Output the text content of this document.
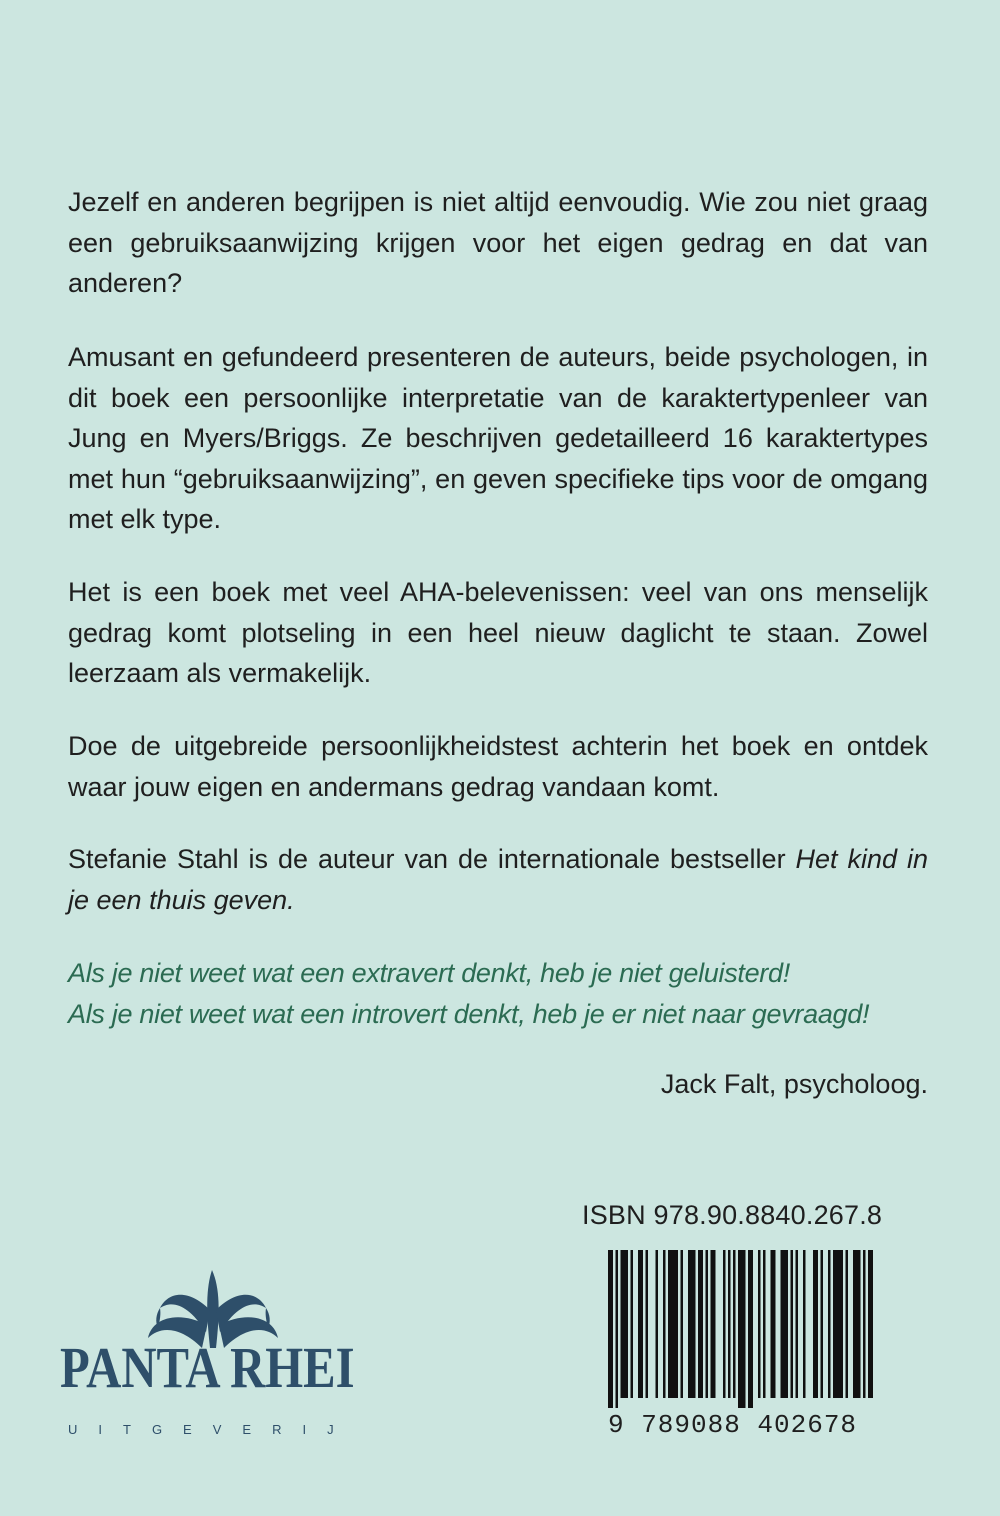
Jezelf en anderen begrijpen is niet altijd eenvoudig. Wie zou niet graag een gebruiksaanwijzing krijgen voor het eigen gedrag en dat van anderen?
Amusant en gefundeerd presenteren de auteurs, beide psychologen, in dit boek een persoonlijke interpretatie van de karaktertypenleer van Jung en Myers/Briggs. Ze beschrijven gedetailleerd 16 karaktertypes met hun “gebruiksaanwijzing”, en geven specifieke tips voor de omgang met elk type.
Het is een boek met veel AHA-belevenissen: veel van ons menselijk gedrag komt plotseling in een heel nieuw daglicht te staan. Zowel leerzaam als vermakelijk.
Doe de uitgebreide persoonlijkheidstest achterin het boek en ontdek waar jouw eigen en andermans gedrag vandaan komt.
Stefanie Stahl is de auteur van de internationale bestseller Het kind in je een thuis geven.
Als je niet weet wat een extravert denkt, heb je niet geluisterd!
Als je niet weet wat een introvert denkt, heb je er niet naar gevraagd!
Jack Falt, psycholoog.
ISBN 978.90.8840.267.8
9 789088 402678
PANTA RHEI
UITGEVERIJ
